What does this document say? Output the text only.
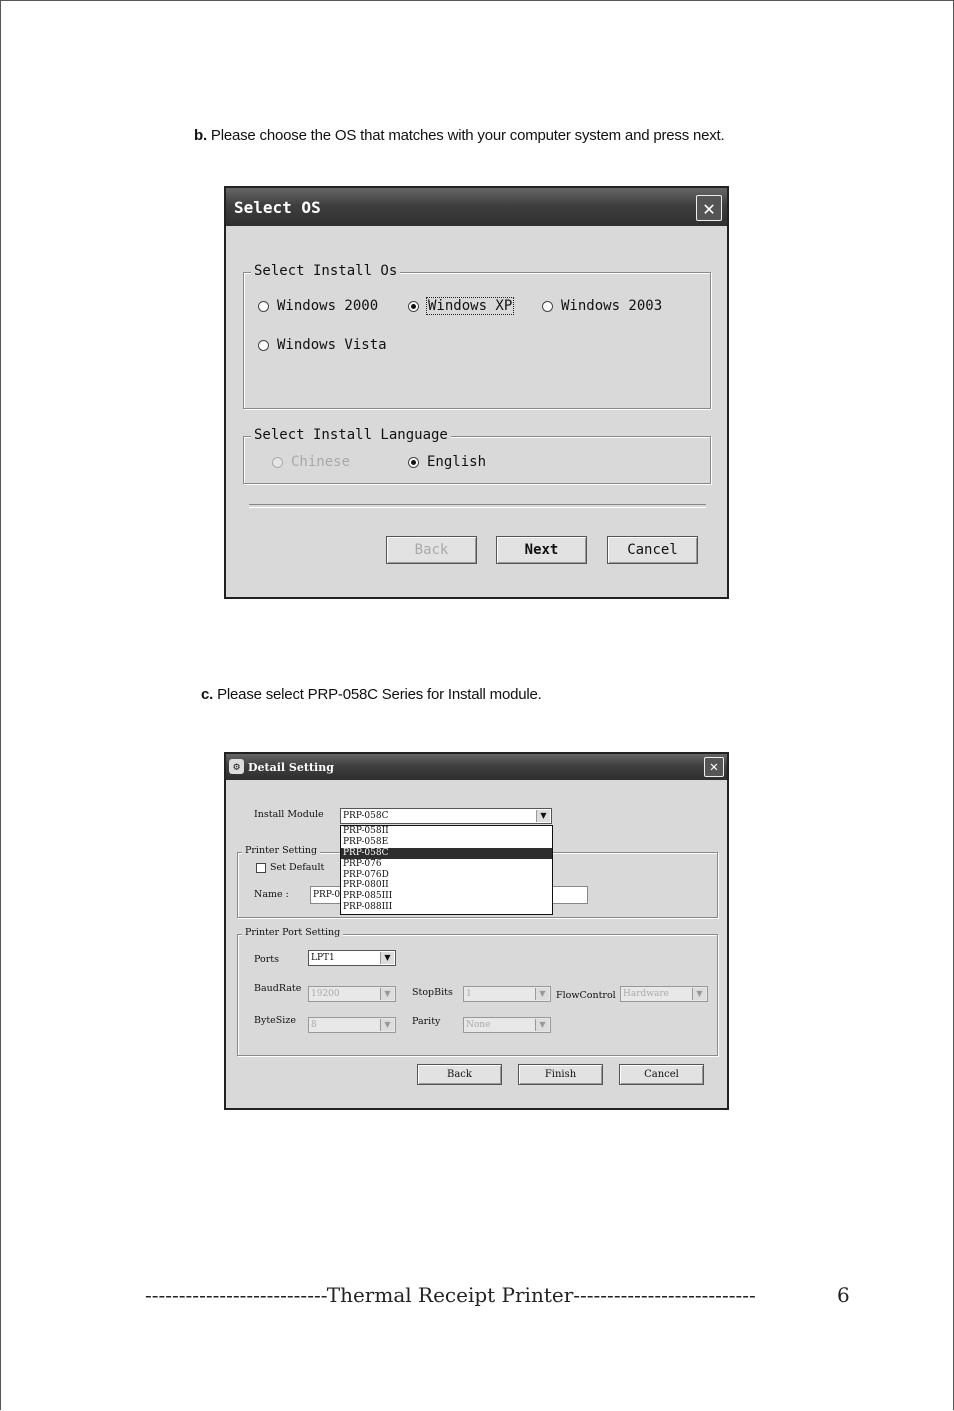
b. Please choose the OS that matches with your computer system and press next.
Select OS	✕
Select Install Os
Windows 2000	Windows XP	Windows 2003
Windows Vista
Select Install Language
Chinese	English
Back	Next	Cancel
c. Please select PRP-058C Series for Install module.
⚙ Detail Setting	✕
Install Module	PRP-058C	▼
Printer Setting
Set Default
Name :	PRP-0
PRP-058II
PRP-058E
PRP-058C
PRP-076
PRP-076D
PRP-080II
PRP-085III
PRP-088III
Printer Port Setting
Ports	LPT1	▼
BaudRate	19200	▼	StopBits	1	▼	FlowControl Hardware	▼
ByteSize	8	▼	Parity	None	▼
Back	Finish	Cancel
---------------------------Thermal Receipt Printer---------------------------	6
